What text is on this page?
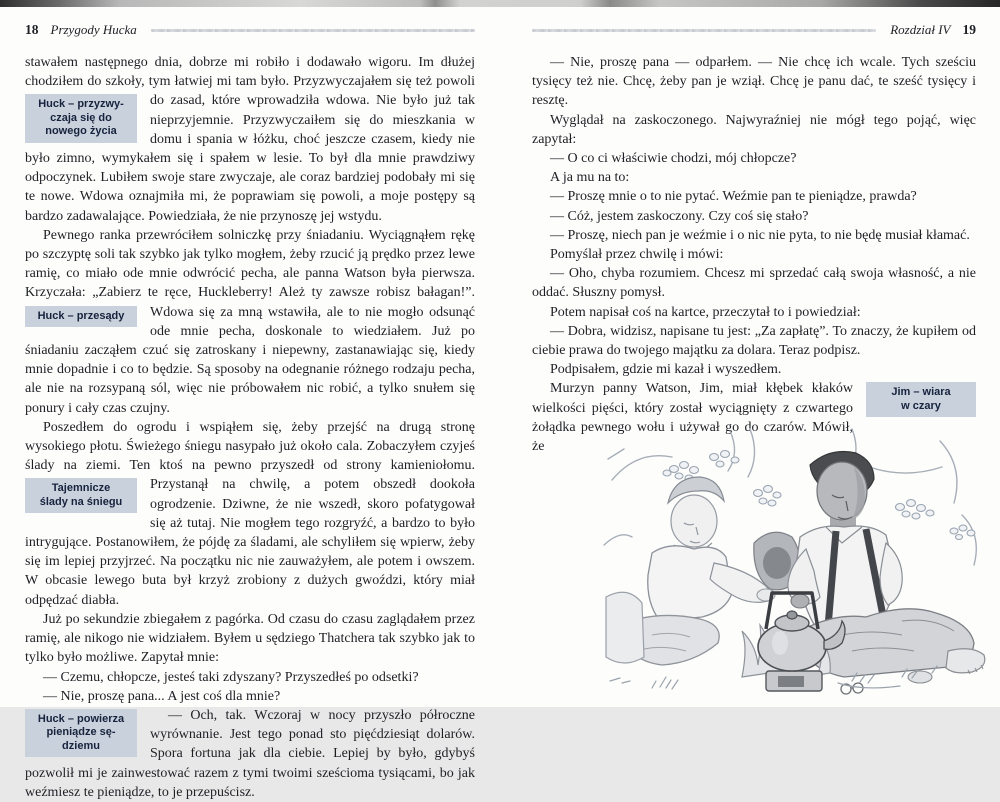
18 Przygody Hucka

stawałem następnego dnia, dobrze mi robiło i dodawało wigoru. Im dłużej chodziłem do szkoły, tym łatwiej mi tam było. Przyzwyczajałem się też powoli
Huck – przyzwy-
czaja się do
nowego życia
do zasad, które wprowadziła wdowa. Nie było już tak nieprzyjemnie. Przyzwyczaiłem się do mieszkania w domu i spania w łóżku, choć jeszcze czasem, kiedy nie było zimno, wymykałem się i spałem w lesie. To był dla mnie prawdziwy odpoczynek. Lubiłem swoje stare zwyczaje, ale coraz bardziej podobały mi się te nowe. Wdowa oznajmiła mi, że poprawiam się powoli, a moje postępy są bardzo zadawalające. Powiedziała, że nie przynoszę jej wstydu.

Pewnego ranka przewróciłem solniczkę przy śniadaniu. Wyciągnąłem rękę po szczyptę soli tak szybko jak tylko mogłem, żeby rzucić ją prędko przez lewe ramię, co miało ode mnie odwrócić pecha, ale panna Watson była pierwsza. Krzyczała: „Zabierz te ręce, Huckleberry! Ależ ty zawsze robisz bałagan!”.
Huck – przesądy	Wdowa się za mną wstawiła, ale to nie mogło odsunąć ode mnie pecha, doskonale to wiedziałem. Już po śniadaniu zacząłem czuć się zatroskany i niepewny, zastanawiając się, kiedy mnie dopadnie i co to będzie. Są sposoby na odegnanie różnego rodzaju pecha, ale nie na rozsypaną sól, więc nie próbowałem nic robić, a tylko snułem się ponury i cały czas czujny.

Poszedłem do ogrodu i wspiąłem się, żeby przejść na drugą stronę wysokiego płotu. Świeżego śniegu nasypało już około cala. Zobaczyłem czyjeś ślady na ziemi. Ten ktoś na pewno przyszedł od strony kamieniołomu.
Tajemnicze
ślady na śniegu
Przystanął na chwilę, a potem obszedł dookoła ogrodzenie. Dziwne, że nie wszedł, skoro pofatygował się aż tutaj. Nie mogłem tego rozgryźć, a bardzo to było intrygujące. Postanowiłem, że pójdę za śladami, ale schyliłem się wpierw, żeby się im lepiej przyjrzeć. Na początku nic nie zauważyłem, ale potem i owszem. W obcasie lewego buta był krzyż zrobiony z dużych gwoździ, który miał odpędzać diabła.

Już po sekundzie zbiegałem z pagórka. Od czasu do czasu zaglądałem przez ramię, ale nikogo nie widziałem. Byłem u sędziego Thatchera tak szybko jak to tylko było możliwe. Zapytał mnie:

— Czemu, chłopcze, jesteś taki zdyszany? Przyszedłeś po odsetki?

— Nie, proszę pana... A jest coś dla mnie?

Huck – powierza
pieniądze sę-
dziemu
— Och, tak. Wczoraj w nocy przyszło półroczne wyrównanie. Jest tego ponad sto pięćdziesiąt dolarów. Spora fortuna jak dla ciebie. Lepiej by było, gdybyś pozwolił mi je zainwestować razem z tymi twoimi sześcioma tysiącami, bo jak weźmiesz te pieniądze, to je przepuścisz.

Rozdział IV 19

— Nie, proszę pana — odparłem. — Nie chcę ich wcale. Tych sześciu tysięcy też nie. Chcę, żeby pan je wziął. Chcę je panu dać, te sześć tysięcy i resztę.

Wyglądał na zaskoczonego. Najwyraźniej nie mógł tego pojąć, więc zapytał:

— O co ci właściwie chodzi, mój chłopcze?

A ja mu na to:

— Proszę mnie o to nie pytać. Weźmie pan te pieniądze, prawda?

— Cóż, jestem zaskoczony. Czy coś się stało?

— Proszę, niech pan je weźmie i o nic nie pyta, to nie będę musiał kłamać.

Pomyślał przez chwilę i mówi:

— Oho, chyba rozumiem. Chcesz mi sprzedać całą swoja własność, a nie oddać. Słuszny pomysł.

Potem napisał coś na kartce, przeczytał to i powiedział:

— Dobra, widzisz, napisane tu jest: „Za zapłatę”. To znaczy, że kupiłem od ciebie prawa do twojego majątku za dolara. Teraz podpisz.

Podpisałem, gdzie mi kazał i wyszedłem.

Jim – wiara
w czary
Murzyn panny Watson, Jim, miał kłębek kłaków wielkości pięści, który został wyciągnięty z czwartego żołądka pewnego wołu i używał go do czarów. Mówił, że
